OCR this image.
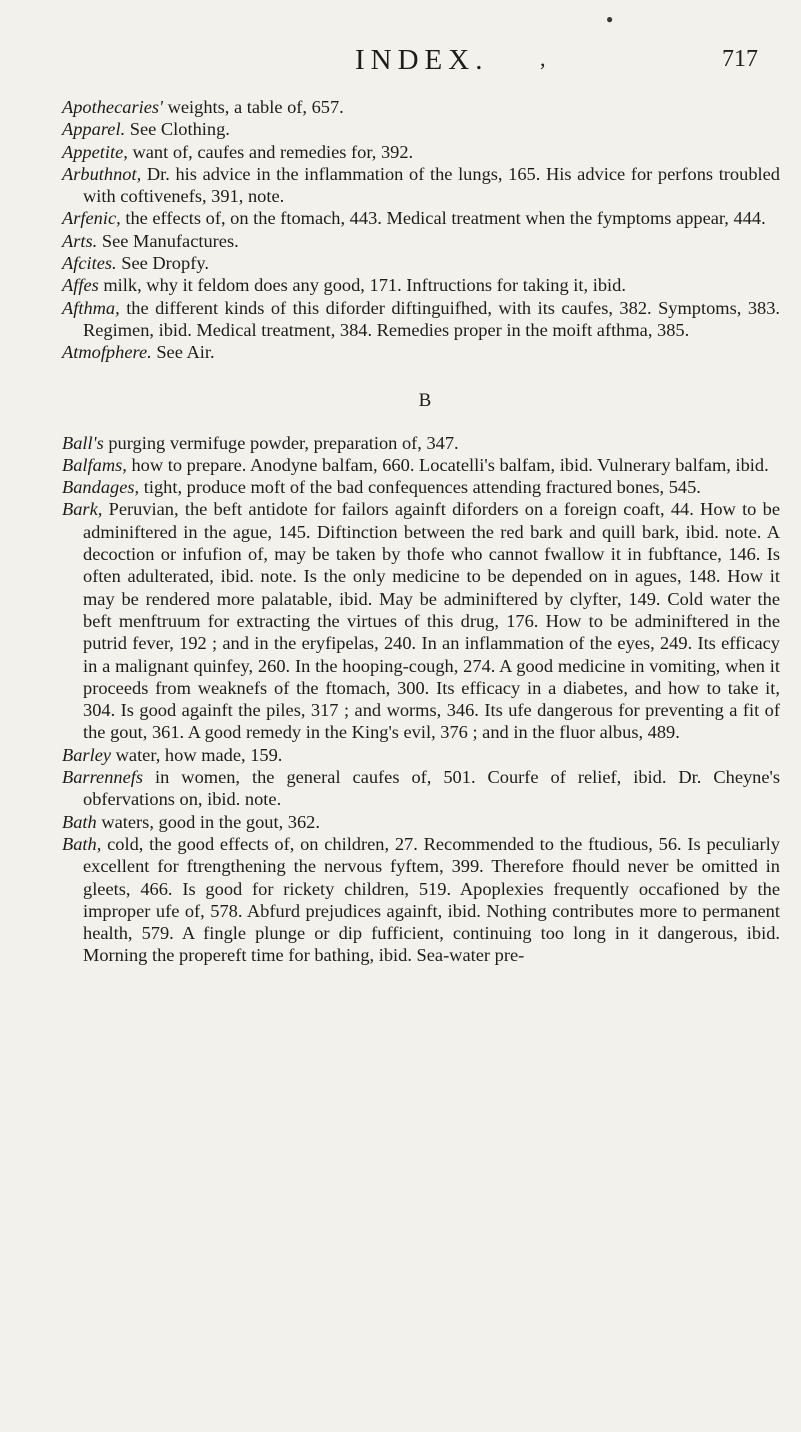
●
INDEX. ,	717

Apothecaries' weights, a table of, 657.

Apparel. See Clothing.

Appetite, want of, caufes and remedies for, 392.

Arbuthnot, Dr. his advice in the inflammation of the lungs, 165. His advice for perfons troubled with coftivenefs, 391, note.

Arfenic, the effects of, on the ftomach, 443. Medical treatment when the fymptoms appear, 444.

Arts. See Manufactures.

Afcites. See Dropfy.

Affes milk, why it feldom does any good, 171. Inftructions for taking it, ibid.

Afthma, the different kinds of this diforder diftinguifhed, with its caufes, 382. Symptoms, 383. Regimen, ibid. Medical treatment, 384. Remedies proper in the moift afthma, 385.

Atmofphere. See Air.

B

Ball's purging vermifuge powder, preparation of, 347.

Balfams, how to prepare. Anodyne balfam, 660. Locatelli's balfam, ibid. Vulnerary balfam, ibid.

Bandages, tight, produce moft of the bad confequences attending fractured bones, 545.

Bark, Peruvian, the beft antidote for failors againft diforders on a foreign coaft, 44. How to be adminiftered in the ague, 145. Diftinction between the red bark and quill bark, ibid. note. A decoction or infufion of, may be taken by thofe who cannot fwallow it in fubftance, 146. Is often adulterated, ibid. note. Is the only medicine to be depended on in agues, 148. How it may be rendered more palatable, ibid. May be adminiftered by clyfter, 149. Cold water the beft menftruum for extracting the virtues of this drug, 176. How to be adminiftered in the putrid fever, 192 ; and in the eryfipelas, 240. In an inflammation of the eyes, 249. Its efficacy in a malignant quinfey, 260. In the hooping-cough, 274. A good medicine in vomiting, when it proceeds from weaknefs of the ftomach, 300. Its efficacy in a diabetes, and how to take it, 304. Is good againft the piles, 317 ; and worms, 346. Its ufe dangerous for preventing a fit of the gout, 361. A good remedy in the King's evil, 376 ; and in the fluor albus, 489.

Barley water, how made, 159.

Barrennefs in women, the general caufes of, 501. Courfe of relief, ibid. Dr. Cheyne's obfervations on, ibid. note.

Bath waters, good in the gout, 362.

Bath, cold, the good effects of, on children, 27. Recommended to the ftudious, 56. Is peculiarly excellent for ftrengthening the nervous fyftem, 399. Therefore fhould never be omitted in gleets, 466. Is good for rickety children, 519. Apoplexies frequently occafioned by the improper ufe of, 578. Abfurd prejudices againft, ibid. Nothing contributes more to permanent health, 579. A fingle plunge or dip fufficient, continuing too long in it dangerous, ibid. Morning the propereft time for bathing, ibid. Sea-water pre-
